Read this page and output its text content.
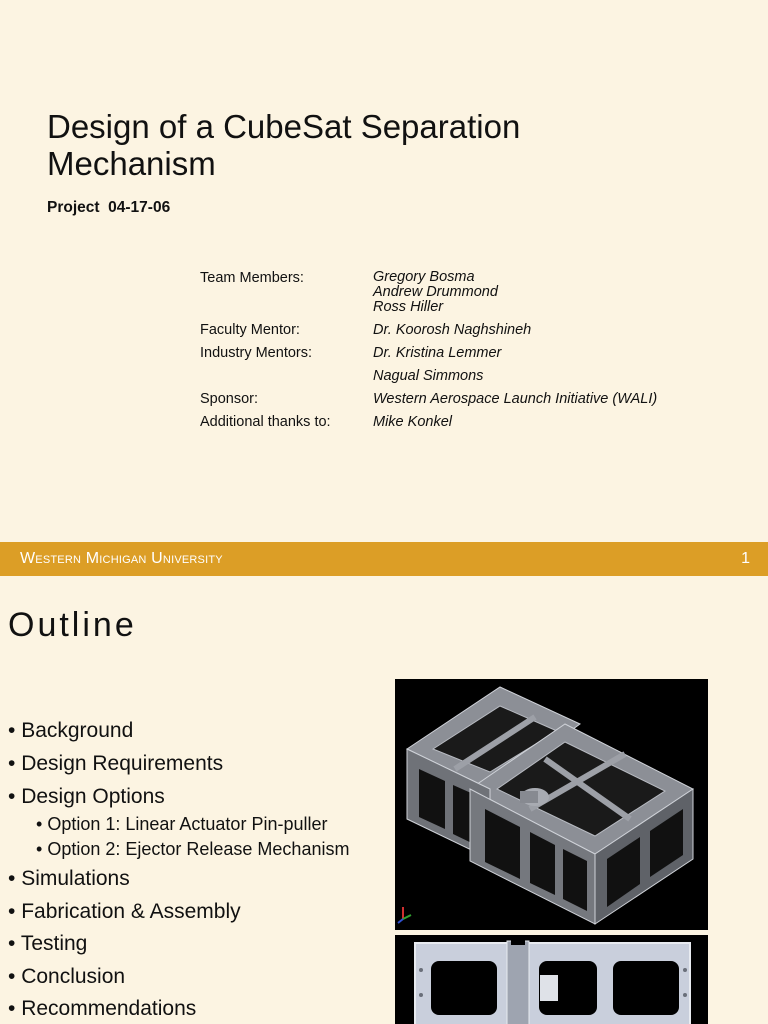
Design of a CubeSat Separation Mechanism
Project  04-17-06
Team Members:	Gregory Bosma
Andrew Drummond
Ross Hiller
Faculty Mentor:	Dr. Koorosh Naghshineh
Industry Mentors:	Dr. Kristina Lemmer
Nagual Simmons
Sponsor:	Western Aerospace Launch Initiative (WALI)
Additional thanks to:	Mike Konkel
Western Michigan University	1
Outline
• Background
• Design Requirements
• Design Options
• Option 1: Linear Actuator Pin-puller
• Option 2: Ejector Release Mechanism
• Simulations
• Fabrication & Assembly
• Testing
• Conclusion
• Recommendations
